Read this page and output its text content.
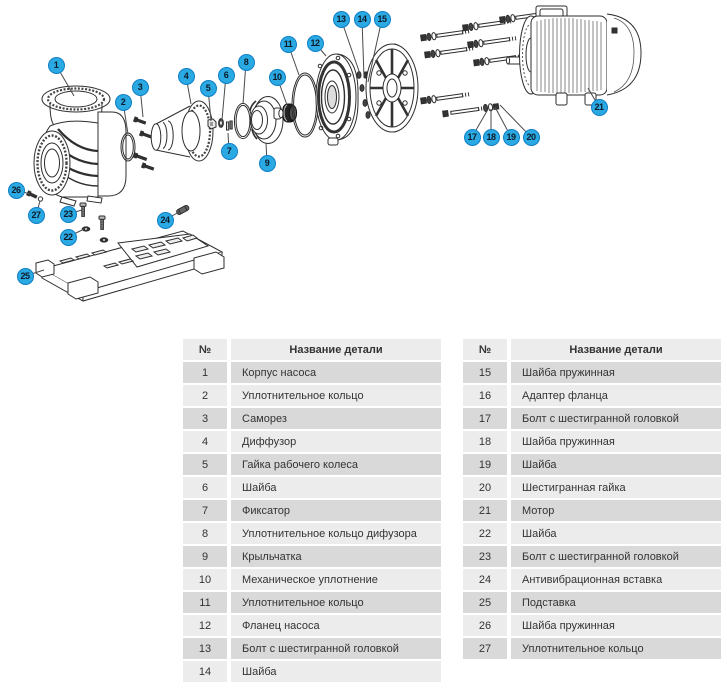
1
2
3
4
5
6
7
8
9
10
11	12
13	14	15
17	18	19	20
21
22
23
24
25
26
27
№	Название детали
1	Корпус насоса
2	Уплотнительное кольцо
3	Саморез
4	Диффузор
5	Гайка рабочего колеса
6	Шайба
7	Фиксатор
8	Уплотнительное кольцо дифузора
9	Крыльчатка
10	Механическое уплотнение
11	Уплотнительное кольцо
12	Фланец насоса
13	Болт с шестигранной головкой
14	Шайба
№	Название детали
15	Шайба пружинная
16	Адаптер фланца
17	Болт с шестигранной головкой
18	Шайба пружинная
19	Шайба
20	Шестигранная гайка
21	Мотор
22	Шайба
23	Болт с шестигранной головкой
24	Антивибрационная вставка
25	Подставка
26	Шайба пружинная
27	Уплотнительное кольцо
